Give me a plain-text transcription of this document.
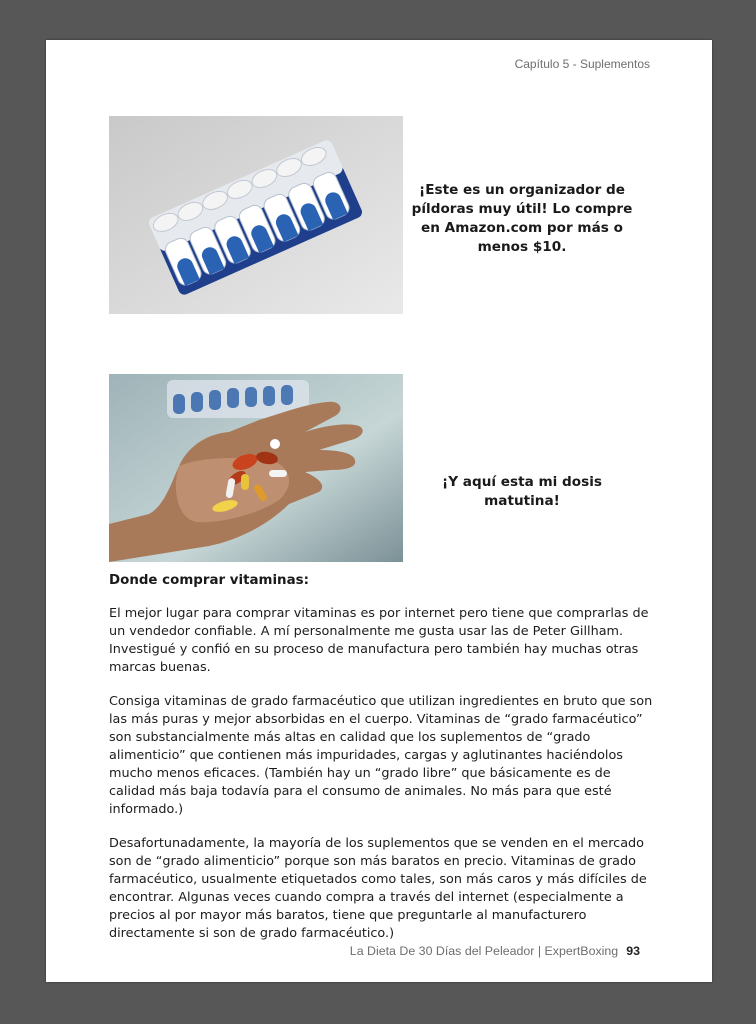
Capítulo 5 - Suplementos
¡Este es un organizador de píldoras muy útil! Lo compre en Amazon.com por más o menos $10.
¡Y aquí esta mi dosis matutina!
Donde comprar vitaminas:

El mejor lugar para comprar vitaminas es por internet pero tiene que comprarlas de un vendedor confiable. A mí personalmente me gusta usar las de Peter Gillham. Investigué y confió en su proceso de manufactura pero también hay muchas otras marcas buenas.

Consiga vitaminas de grado farmacéutico que utilizan ingredientes en bruto que son las más puras y mejor absorbidas en el cuerpo. Vitaminas de “grado farmacéutico” son substancialmente más altas en calidad que los suplementos de “grado alimenticio” que contienen más impuridades, cargas y aglutinantes haciéndolos mucho menos eficaces. (También hay un “grado libre” que básicamente es de calidad más baja todavía para el consumo de animales. No más para que esté informado.)

Desafortunadamente, la mayoría de los suplementos que se venden en el mercado son de “grado alimenticio” porque son más baratos en precio. Vitaminas de grado farmacéutico, usualmente etiquetados como tales, son más caros y más difíciles de encontrar. Algunas veces cuando compra a través del internet (especialmente a precios al por mayor más baratos, tiene que preguntarle al manufacturero directamente si son de grado farmacéutico.)

La Dieta De 30 Días del Peleador | ExpertBoxing 93
